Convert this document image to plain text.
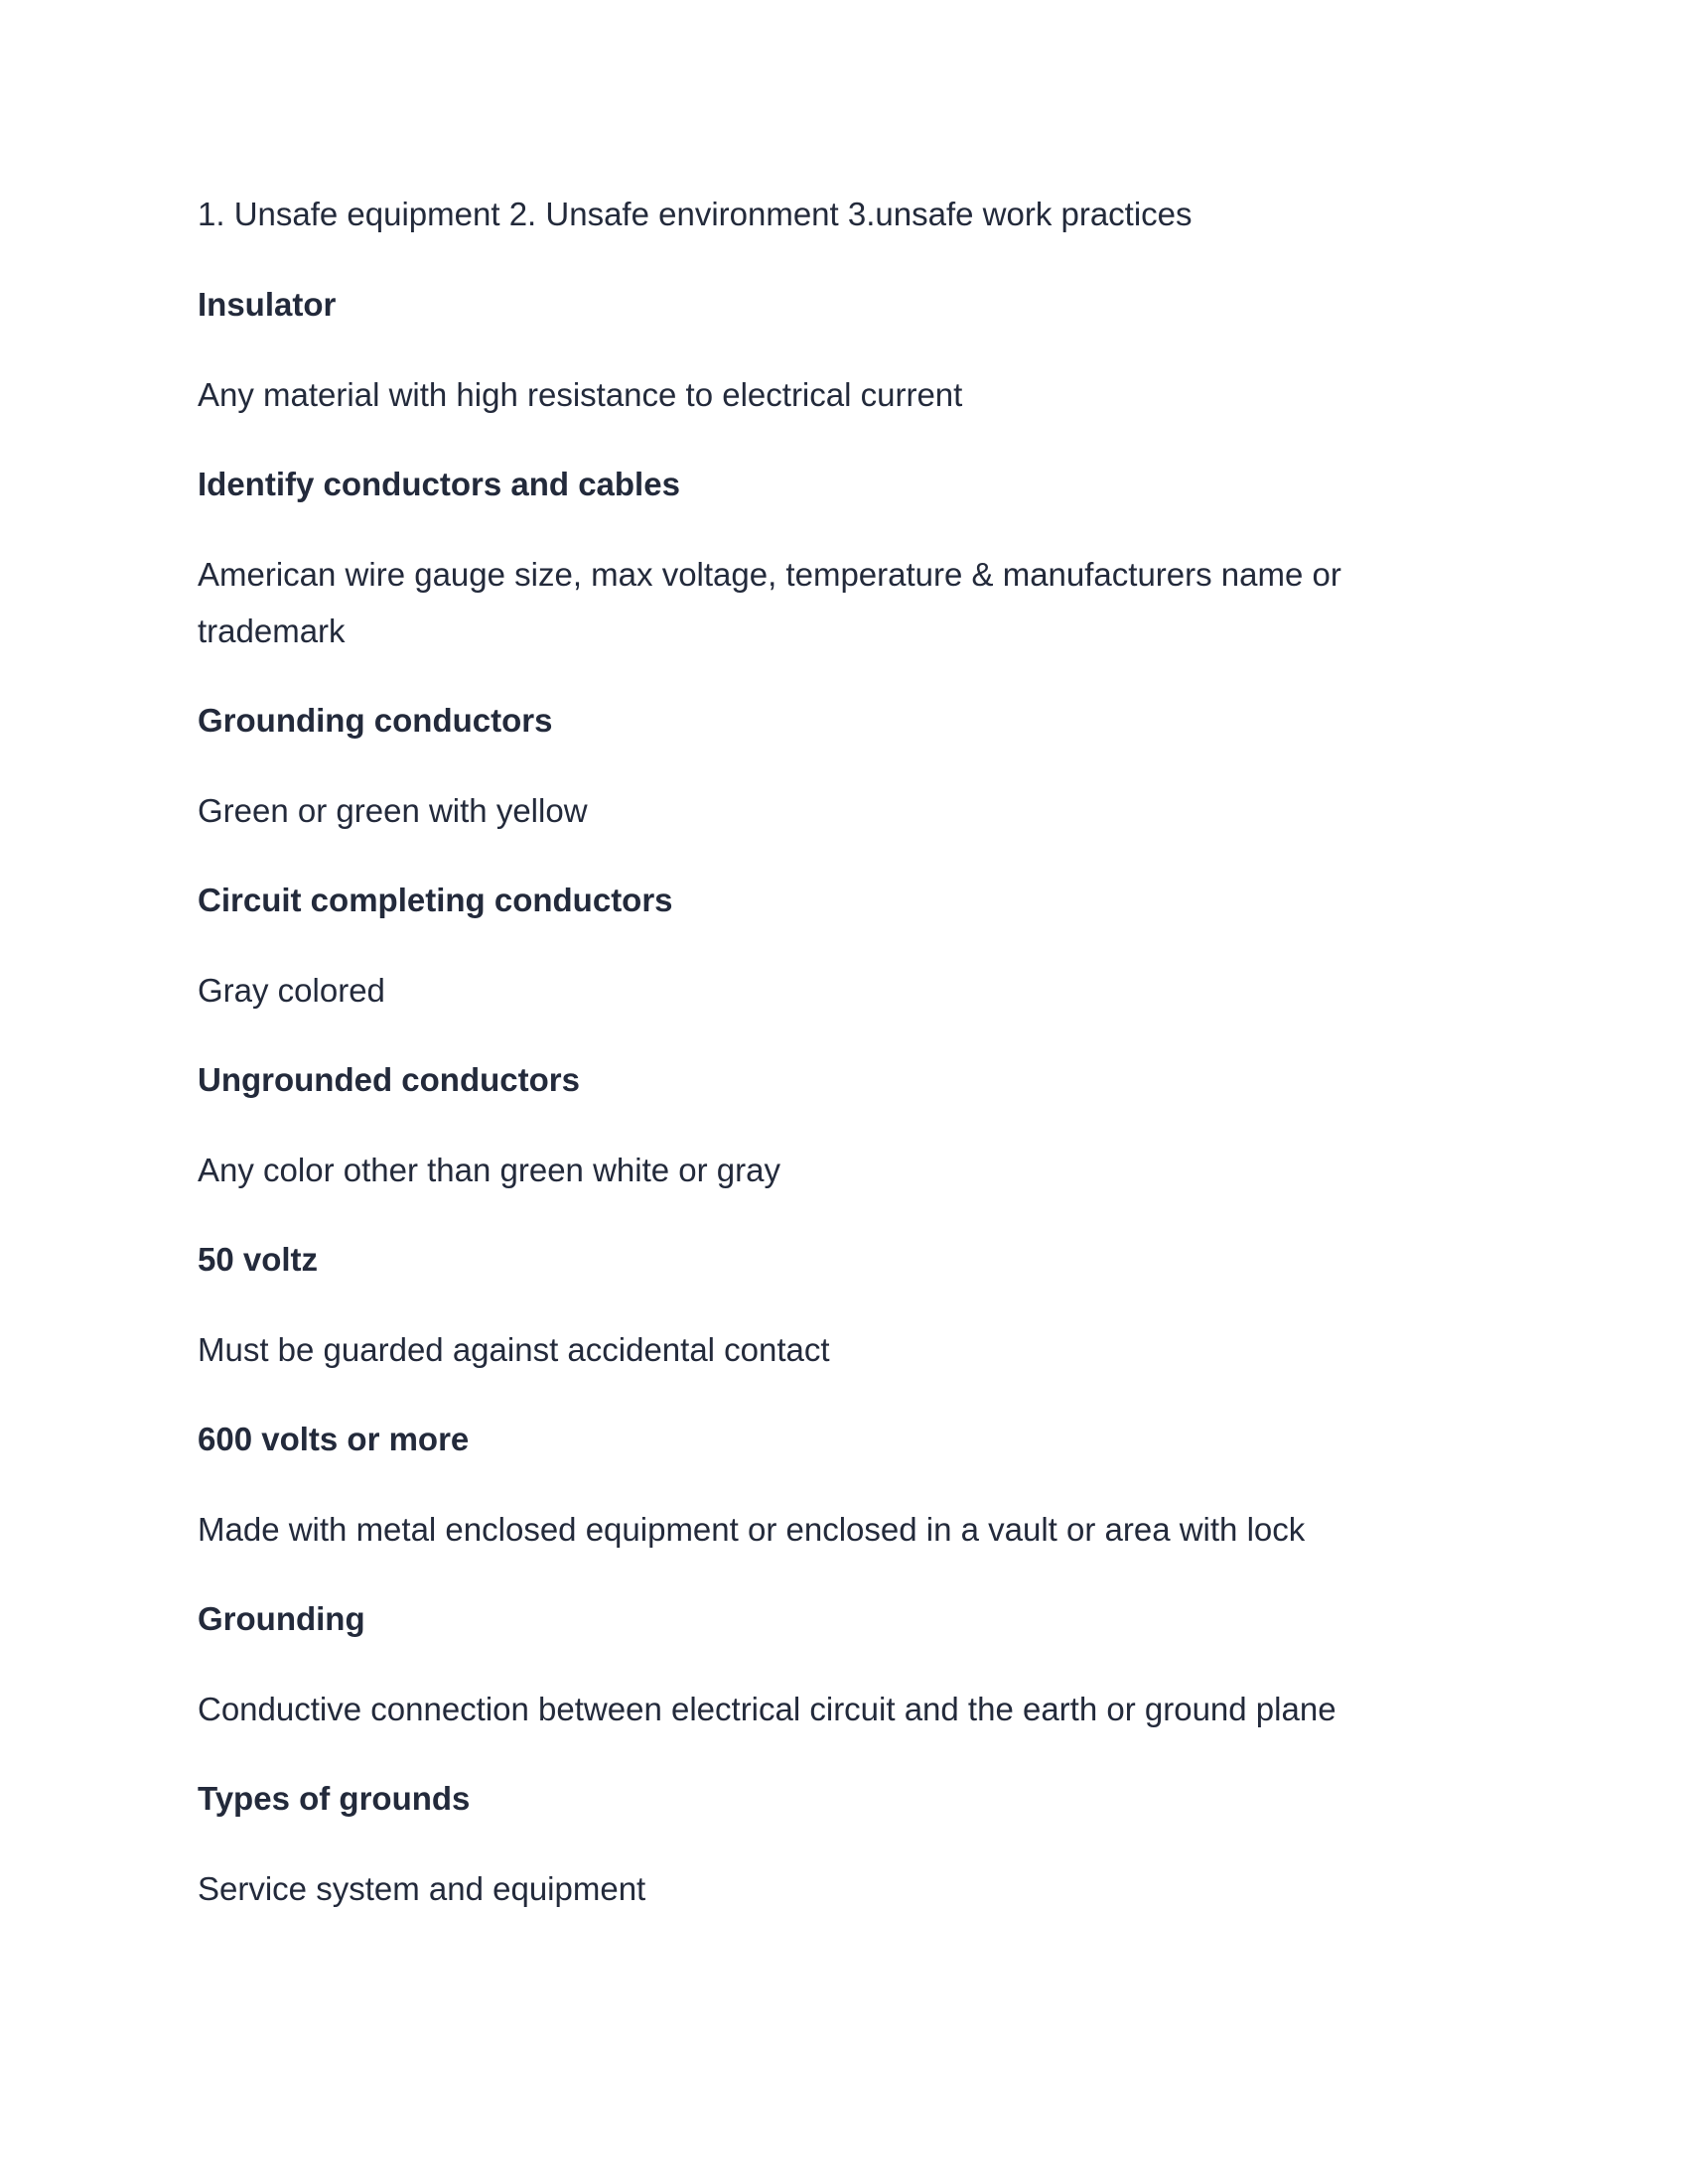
1. Unsafe equipment 2. Unsafe environment 3.unsafe work practices

Insulator

Any material with high resistance to electrical current

Identify conductors and cables

American wire gauge size, max voltage, temperature & manufacturers name or trademark

Grounding conductors

Green or green with yellow

Circuit completing conductors

Gray colored

Ungrounded conductors

Any color other than green white or gray

50 voltz

Must be guarded against accidental contact

600 volts or more

Made with metal enclosed equipment or enclosed in a vault or area with lock

Grounding

Conductive connection between electrical circuit and the earth or ground plane

Types of grounds

Service system and equipment
